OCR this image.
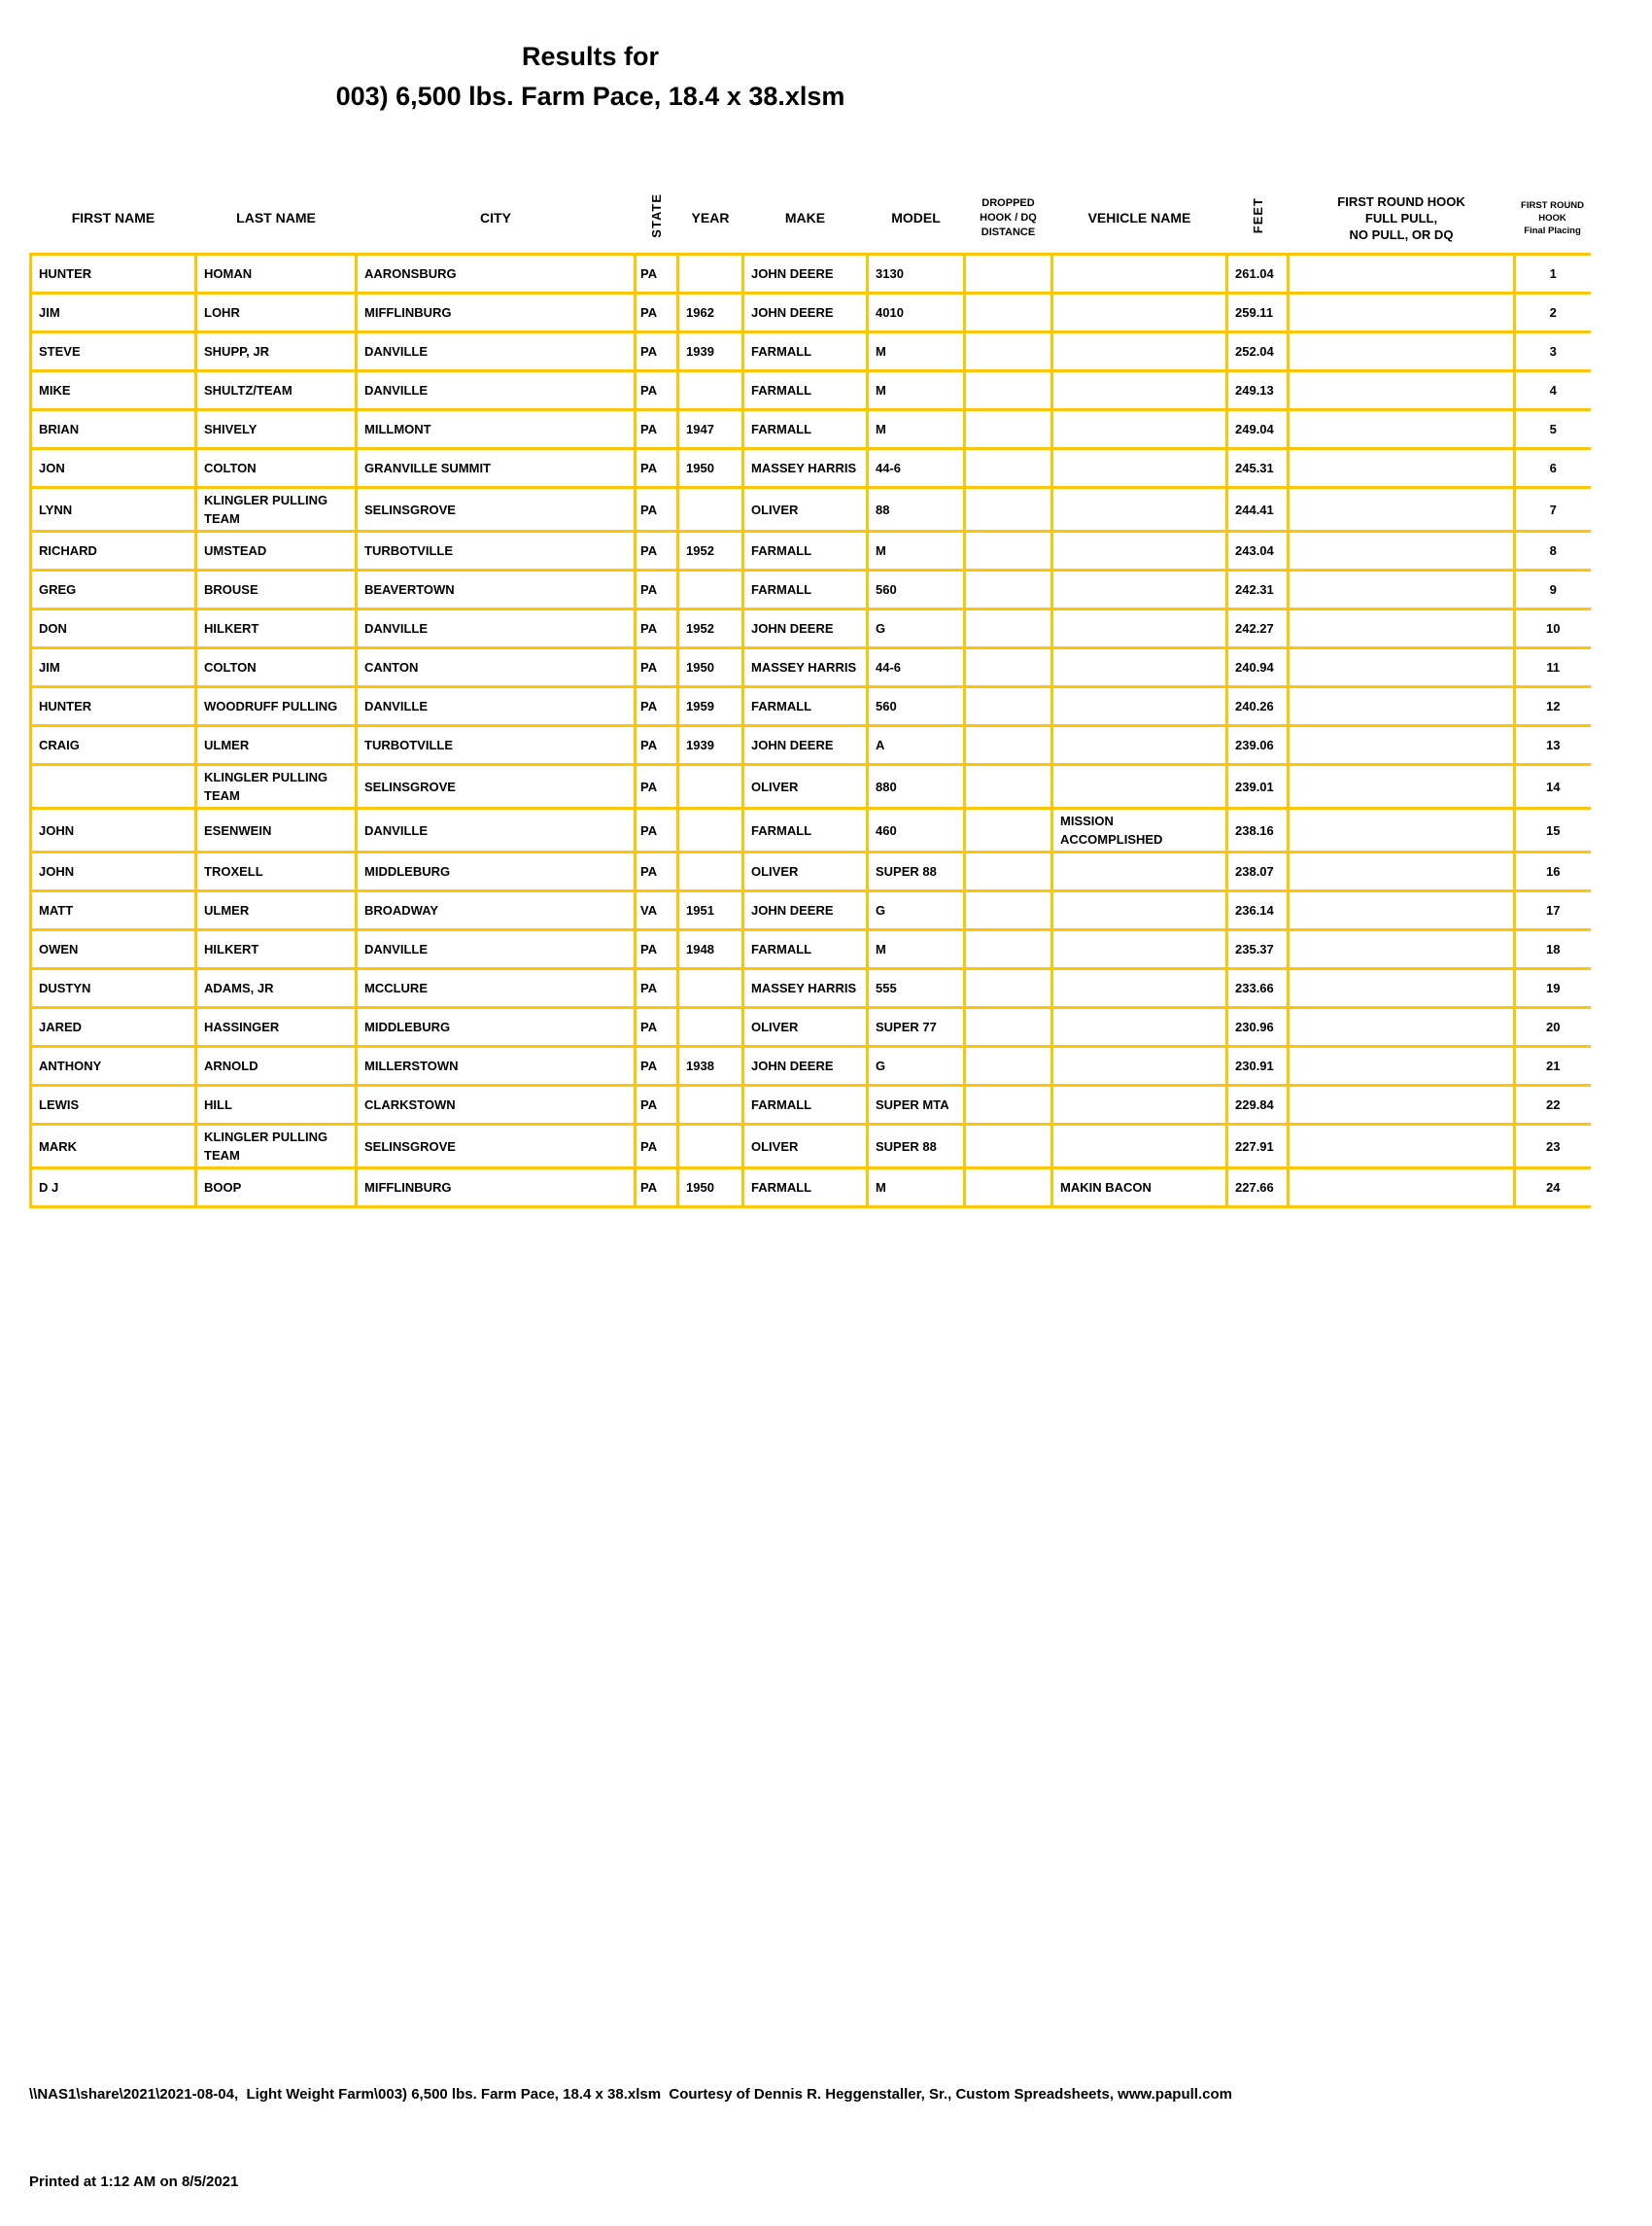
Results for
003) 6,500 lbs. Farm Pace, 18.4 x 38.xlsm
FIRST NAME	LAST NAME	CITY	STATE	YEAR	MAKE	MODEL	DROPPED
HOOK / DQ
DISTANCE	VEHICLE NAME	FEET	FIRST ROUND HOOK
FULL PULL,
NO PULL, OR DQ	FIRST ROUND
HOOK
Final Placing
HUNTER	HOMAN	AARONSBURG	PA		JOHN DEERE	3130			261.04		1
JIM	LOHR	MIFFLINBURG	PA	1962	JOHN DEERE	4010			259.11		2
STEVE	SHUPP, JR	DANVILLE	PA	1939	FARMALL	M			252.04		3
MIKE	SHULTZ/TEAM	DANVILLE	PA		FARMALL	M			249.13		4
BRIAN	SHIVELY	MILLMONT	PA	1947	FARMALL	M			249.04		5
JON	COLTON	GRANVILLE SUMMIT	PA	1950	MASSEY HARRIS	44-6			245.31		6
LYNN	KLINGLER PULLING TEAM	SELINSGROVE	PA		OLIVER	88			244.41		7
RICHARD	UMSTEAD	TURBOTVILLE	PA	1952	FARMALL	M			243.04		8
GREG	BROUSE	BEAVERTOWN	PA		FARMALL	560			242.31		9
DON	HILKERT	DANVILLE	PA	1952	JOHN DEERE	G			242.27		10
JIM	COLTON	CANTON	PA	1950	MASSEY HARRIS	44-6			240.94		11
HUNTER	WOODRUFF PULLING	DANVILLE	PA	1959	FARMALL	560			240.26		12
CRAIG	ULMER	TURBOTVILLE	PA	1939	JOHN DEERE	A			239.06		13
	KLINGLER PULLING TEAM	SELINSGROVE	PA		OLIVER	880			239.01		14
JOHN	ESENWEIN	DANVILLE	PA		FARMALL	460		MISSION ACCOMPLISHED	238.16		15
JOHN	TROXELL	MIDDLEBURG	PA		OLIVER	SUPER 88			238.07		16
MATT	ULMER	BROADWAY	VA	1951	JOHN DEERE	G			236.14		17
OWEN	HILKERT	DANVILLE	PA	1948	FARMALL	M			235.37		18
DUSTYN	ADAMS, JR	MCCLURE	PA		MASSEY HARRIS	555			233.66		19
JARED	HASSINGER	MIDDLEBURG	PA		OLIVER	SUPER 77			230.96		20
ANTHONY	ARNOLD	MILLERSTOWN	PA	1938	JOHN DEERE	G			230.91		21
LEWIS	HILL	CLARKSTOWN	PA		FARMALL	SUPER MTA			229.84		22
MARK	KLINGLER PULLING TEAM	SELINSGROVE	PA		OLIVER	SUPER 88			227.91		23
D J	BOOP	MIFFLINBURG	PA	1950	FARMALL	M		MAKIN BACON	227.66		24

\\NAS1\share\2021\2021-08-04,  Light Weight Farm\003) 6,500 lbs. Farm Pace, 18.4 x 38.xlsm  Courtesy of Dennis R. Heggenstaller, Sr., Custom Spreadsheets, www.papull.com

Printed at 1:12 AM on 8/5/2021
